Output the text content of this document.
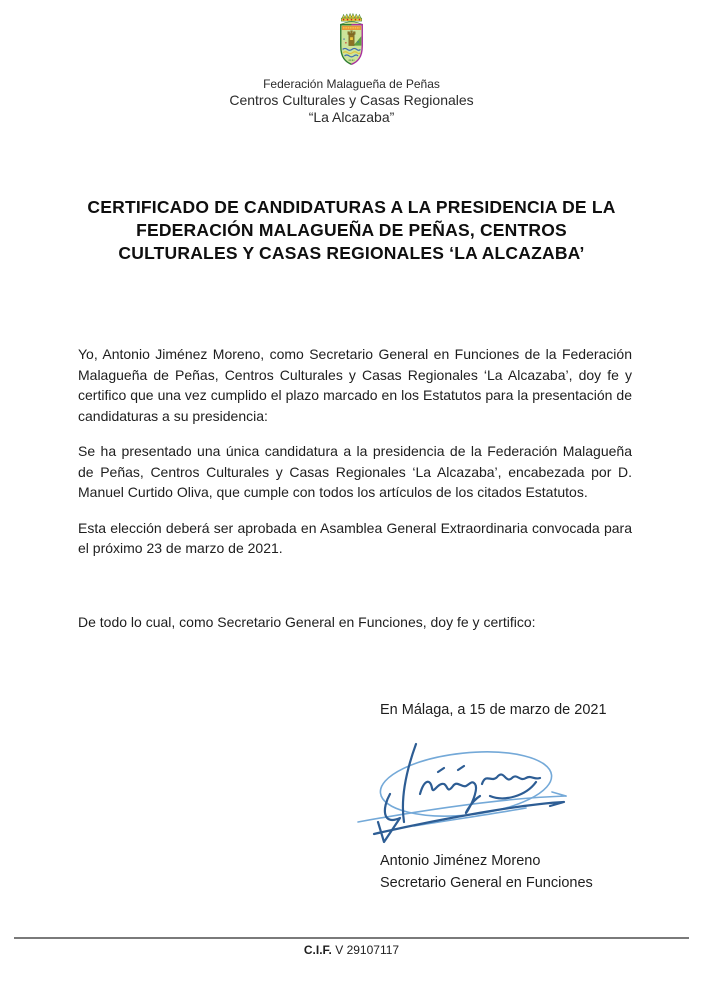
Federación Malagueña de Peñas
Centros Culturales y Casas Regionales
“La Alcazaba”
CERTIFICADO DE CANDIDATURAS A LA PRESIDENCIA DE LA
FEDERACIÓN MALAGUEÑA DE PEÑAS, CENTROS
CULTURALES Y CASAS REGIONALES ‘LA ALCAZABA’

Yo, Antonio Jiménez Moreno, como Secretario General en Funciones de la Federación Malagueña de Peñas, Centros Culturales y Casas Regionales ‘La Alcazaba’, doy fe y certifico que una vez cumplido el plazo marcado en los Estatutos para la presentación de candidaturas a su presidencia:

Se ha presentado una única candidatura a la presidencia de la Federación Malagueña de Peñas, Centros Culturales y Casas Regionales ‘La Alcazaba’, encabezada por D. Manuel Curtido Oliva, que cumple con todos los artículos de los citados Estatutos.

Esta elección deberá ser aprobada en Asamblea General Extraordinaria convocada para el próximo 23 de marzo de 2021.

De todo lo cual, como Secretario General en Funciones, doy fe y certifico:

En Málaga, a 15 de marzo de 2021
Antonio Jiménez Moreno
Secretario General en Funciones
C.I.F. V 29107117
